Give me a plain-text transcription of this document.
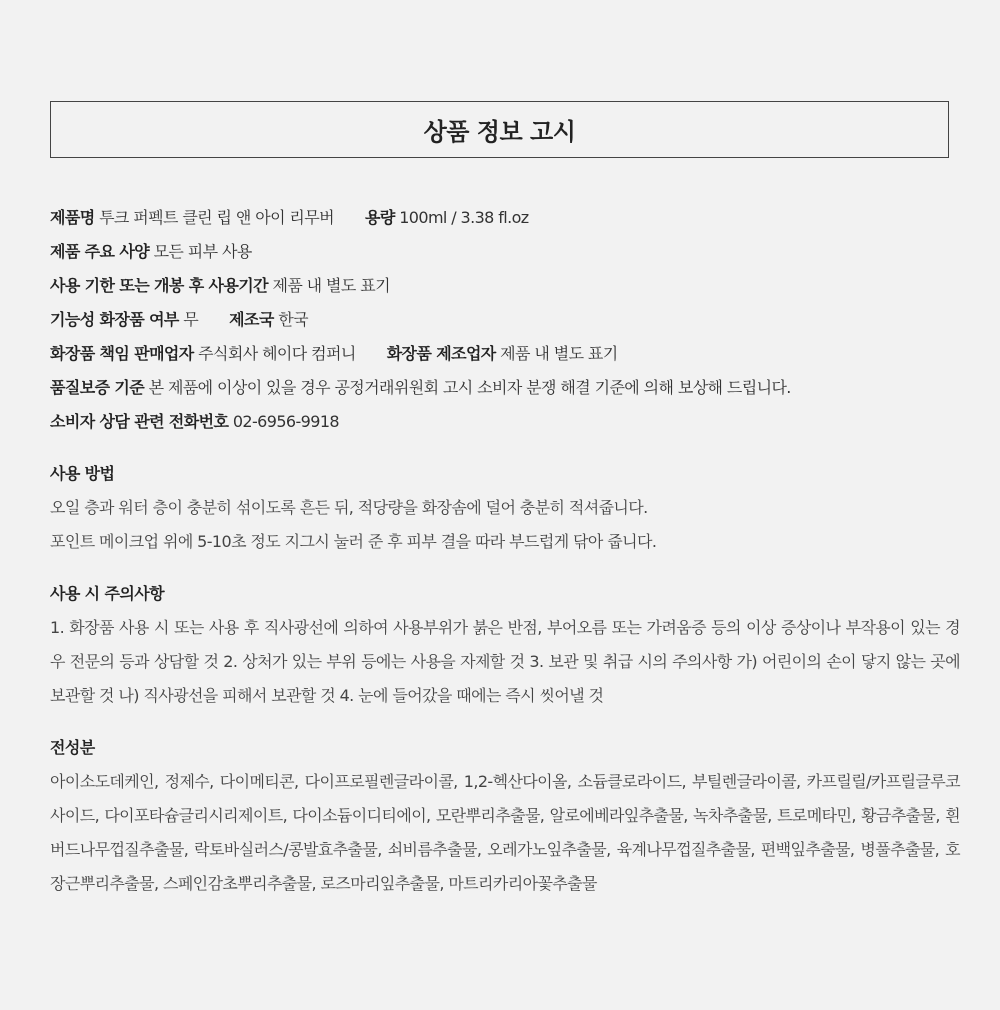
상품 정보 고시
제품명 투크 퍼펙트 클린 립 앤 아이 리무버 용량 100ml / 3.38 fl.oz
제품 주요 사양 모든 피부 사용
사용 기한 또는 개봉 후 사용기간 제품 내 별도 표기
기능성 화장품 여부 무 제조국 한국
화장품 책임 판매업자 주식회사 헤이다 컴퍼니 화장품 제조업자 제품 내 별도 표기
품질보증 기준 본 제품에 이상이 있을 경우 공정거래위원회 고시 소비자 분쟁 해결 기준에 의해 보상해 드립니다.
소비자 상담 관련 전화번호 02-6956-9918
사용 방법

오일 층과 워터 층이 충분히 섞이도록 흔든 뒤, 적당량을 화장솜에 덜어 충분히 적셔줍니다.

포인트 메이크업 위에 5-10초 정도 지그시 눌러 준 후 피부 결을 따라 부드럽게 닦아 줍니다.

사용 시 주의사항

1. 화장품 사용 시 또는 사용 후 직사광선에 의하여 사용부위가 붉은 반점, 부어오름 또는 가려움증 등의 이상 증상이나 부작용이 있는 경우 전문의 등과 상담할 것 2. 상처가 있는 부위 등에는 사용을 자제할 것 3. 보관 및 취급 시의 주의사항 가) 어린이의 손이 닿지 않는 곳에 보관할 것 나) 직사광선을 피해서 보관할 것 4. 눈에 들어갔을 때에는 즉시 씻어낼 것

전성분

아이소도데케인, 정제수, 다이메티콘, 다이프로필렌글라이콜, 1,2-헥산다이올, 소듐클로라이드, 부틸렌글라이콜, 카프릴릴/카프릴글루코사이드, 다이포타슘글리시리제이트, 다이소듐이디티에이, 모란뿌리추출물, 알로에베라잎추출물, 녹차추출물, 트로메타민, 황금추출물, 흰버드나무껍질추출물, 락토바실러스/콩발효추출물, 쇠비름추출물, 오레가노잎추출물, 육계나무껍질추출물, 편백잎추출물, 병풀추출물, 호장근뿌리추출물, 스페인감초뿌리추출물, 로즈마리잎추출물, 마트리카리아꽃추출물
